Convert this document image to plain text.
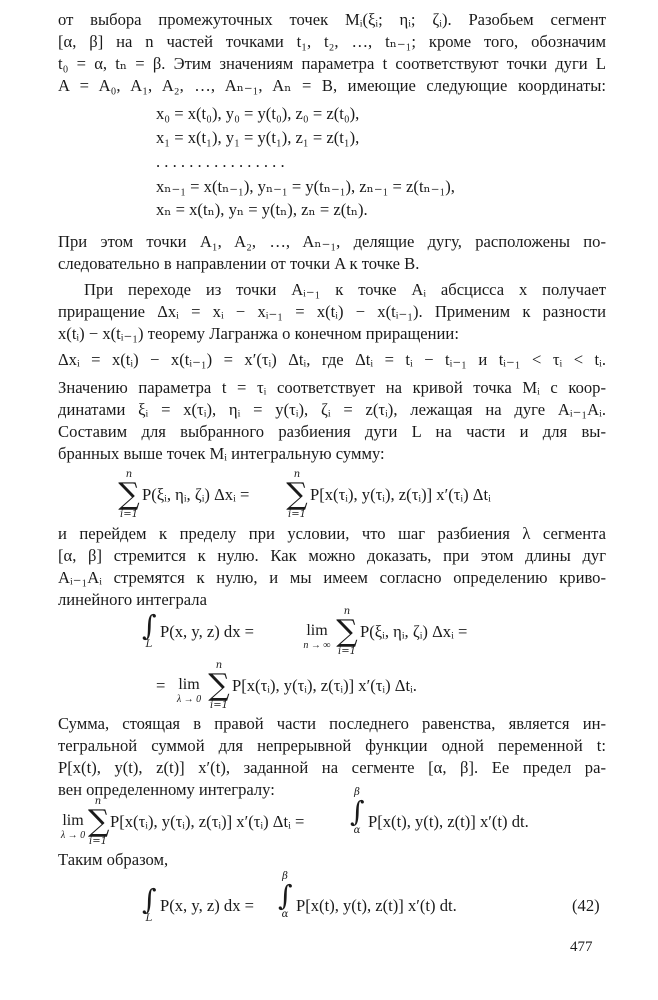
от выбора промежуточных точек Mᵢ(ξᵢ; ηᵢ; ζᵢ). Разобьем сегмент
[α, β] на n частей точками t₁, t₂, …, tₙ₋₁; кроме того, обозначим
t₀ = α, tₙ = β. Этим значениям параметра t соответствуют точки дуги L
A = A₀, A₁, A₂, …, Aₙ₋₁, Aₙ = B, имеющие следующие координаты:
x₀ = x(t₀), y₀ = y(t₀), z₀ = z(t₀),
x₁ = x(t₁), y₁ = y(t₁), z₁ = z(t₁),
. . . . . . . . . . . . . . . .
xₙ₋₁ = x(tₙ₋₁), yₙ₋₁ = y(tₙ₋₁), zₙ₋₁ = z(tₙ₋₁),
xₙ = x(tₙ), yₙ = y(tₙ), zₙ = z(tₙ).
При этом точки A₁, A₂, …, Aₙ₋₁, делящие дугу, расположены по-
следовательно в направлении от точки A к точке B.
При переходе из точки Aᵢ₋₁ к точке Aᵢ абсцисса x получает
приращение Δxᵢ = xᵢ − xᵢ₋₁ = x(tᵢ) − x(tᵢ₋₁). Применим к разности
x(tᵢ) − x(tᵢ₋₁) теорему Лагранжа о конечном приращении:
Δxᵢ = x(tᵢ) − x(tᵢ₋₁) = x′(τᵢ) Δtᵢ, где Δtᵢ = tᵢ − tᵢ₋₁ и tᵢ₋₁ < τᵢ < tᵢ.
Значению параметра t = τᵢ соответствует на кривой точка Mᵢ с коор-
динатами ξᵢ = x(τᵢ), ηᵢ = y(τᵢ), ζᵢ = z(τᵢ), лежащая на дуге Aᵢ₋₁Aᵢ.
Составим для выбранного разбиения дуги L на части и для вы-
бранных выше точек Mᵢ интегральную сумму:
n
∑
i=1
P(ξᵢ, ηᵢ, ζᵢ) Δxᵢ =
n
∑
i=1
P[x(τᵢ), y(τᵢ), z(τᵢ)] x′(τᵢ) Δtᵢ
и перейдем к пределу при условии, что шаг разбиения λ сегмента
[α, β] стремится к нулю. Как можно доказать, при этом длины дуг
Aᵢ₋₁Aᵢ стремятся к нулю, и мы имеем согласно определению криво-
линейного интеграла
∫
L
P(x, y, z) dx =	lim
n → ∞
n
∑
i=1
P(ξᵢ, ηᵢ, ζᵢ) Δxᵢ =
= lim
λ → 0
n
∑
i=1
P[x(τᵢ), y(τᵢ), z(τᵢ)] x′(τᵢ) Δtᵢ.
Сумма, стоящая в правой части последнего равенства, является ин-
тегральной суммой для непрерывной функции одной переменной t:
P[x(t), y(t), z(t)] x′(t), заданной на сегменте [α, β]. Ее предел ра-
вен определенному интегралу:
lim
λ → 0
n
∑
i=1
P[x(τᵢ), y(τᵢ), z(τᵢ)] x′(τᵢ) Δtᵢ =
β
∫
α P[x(t), y(t), z(t)] x′(t) dt.
Таким образом,
∫
L
P(x, y, z) dx =
β
∫
α P[x(t), y(t), z(t)] x′(t) dt.	(42)
477
